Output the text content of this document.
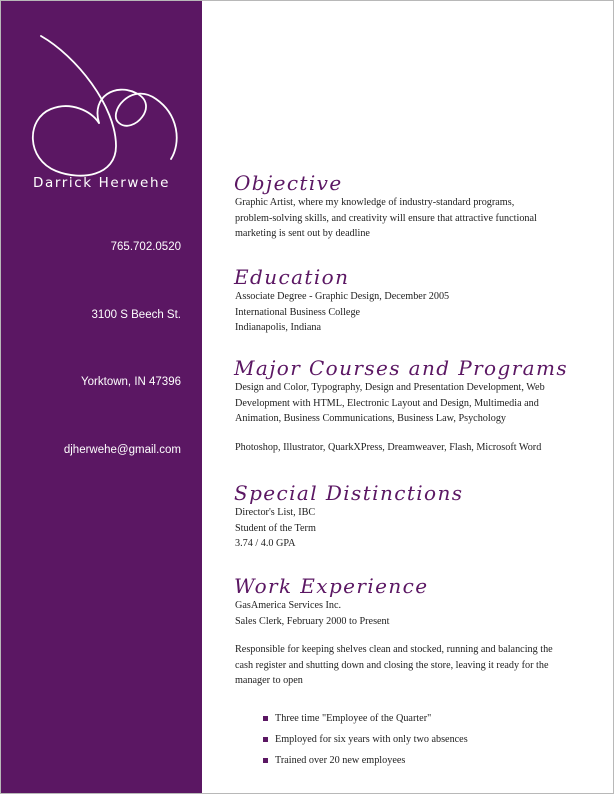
Darrick Herwehe
765.702.0520
3100 S Beech St.
Yorktown, IN 47396
djherwehe@gmail.com
Objective
Graphic Artist, where my knowledge of industry-standard programs,
problem-solving skills, and creativity will ensure that attractive functional
marketing is sent out by deadline
Education
Associate Degree - Graphic Design, December 2005
International Business College
Indianapolis, Indiana
Major Courses and Programs
Design and Color, Typography, Design and Presentation Development, Web
Development with HTML, Electronic Layout and Design, Multimedia and
Animation, Business Communications, Business Law, Psychology
Photoshop, Illustrator, QuarkXPress, Dreamweaver, Flash, Microsoft Word
Special Distinctions
Director's List, IBC
Student of the Term
3.74 / 4.0 GPA
Work Experience
GasAmerica Services Inc.
Sales Clerk, February 2000 to Present
Responsible for keeping shelves clean and stocked, running and balancing the
cash register and shutting down and closing the store, leaving it ready for the
manager to open
Three time "Employee of the Quarter"
Employed for six years with only two absences
Trained over 20 new employees
